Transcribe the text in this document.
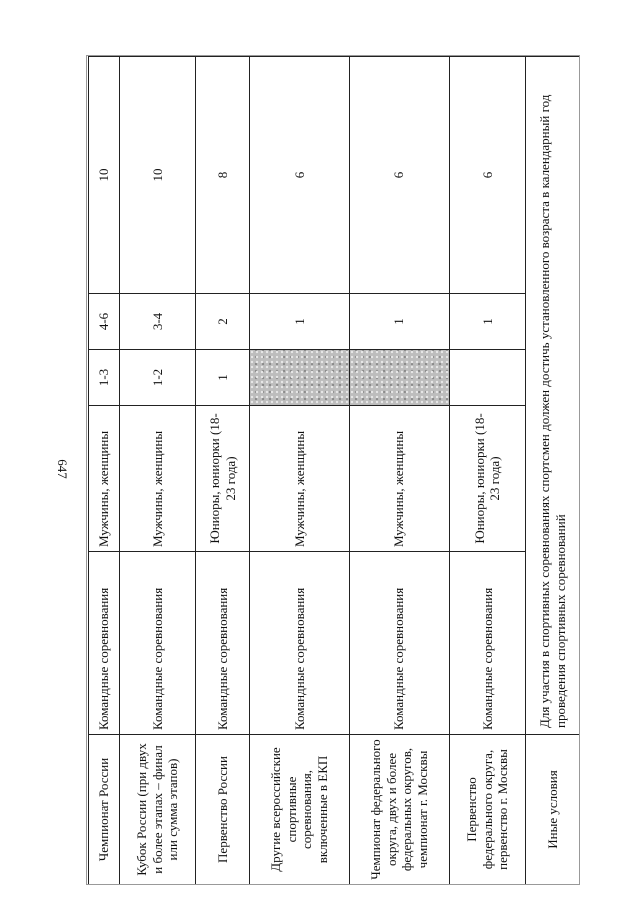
647
Чемпионат России	Командные соревнования	Мужчины, женщины	1-3	4-6	10
Кубок России (при двух и более этапах – финал или сумма этапов)	Командные соревнования	Мужчины, женщины	1-2	3-4	10
Первенство России	Командные соревнования	Юниоры, юниорки (18-23 года)	1	2	8
Другие всероссийские спортивные соревнования, включенные в ЕКП	Командные соревнования	Мужчины, женщины		1	6
Чемпионат федерального округа, двух и более федеральных округов, чемпионат г. Москвы	Командные соревнования	Мужчины, женщины		1	6
Первенство федерального округа, первенство г. Москвы	Командные соревнования	Юниоры, юниорки (18-23 года)		1	6
Иные условия	Для участия в спортивных соревнованиях спортсмен должен достичь установленного возраста в календарный год проведения спортивных соревнований				
